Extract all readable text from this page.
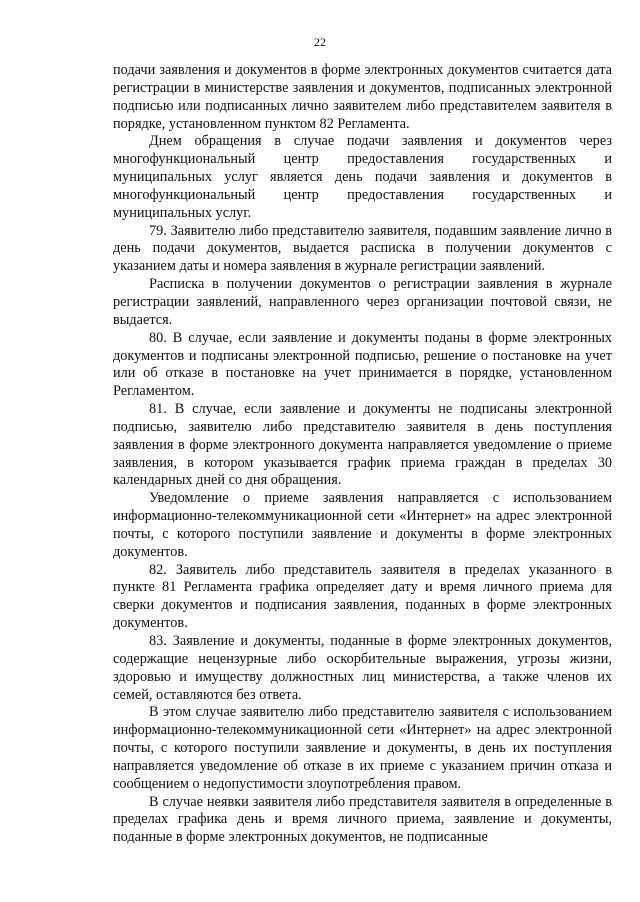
22

подачи заявления и документов в форме электронных документов считается дата регистрации в министерстве заявления и документов, подписанных электронной подписью или подписанных лично заявителем либо представителем заявителя в порядке, установленном пунктом 82 Регламента.

Днем обращения в случае подачи заявления и документов через многофункциональный центр предоставления государственных и муниципальных услуг является день подачи заявления и документов в многофункциональный центр предоставления государственных и муниципальных услуг.

79. Заявителю либо представителю заявителя, подавшим заявление лично в день подачи документов, выдается расписка в получении документов с указанием даты и номера заявления в журнале регистрации заявлений.

Расписка в получении документов о регистрации заявления в журнале регистрации заявлений, направленного через организации почтовой связи, не выдается.

80. В случае, если заявление и документы поданы в форме электронных документов и подписаны электронной подписью, решение о постановке на учет или об отказе в постановке на учет принимается в порядке, установленном Регламентом.

81. В случае, если заявление и документы не подписаны электронной подписью, заявителю либо представителю заявителя в день поступления заявления в форме электронного документа направляется уведомление о приеме заявления, в котором указывается график приема граждан в пределах 30 календарных дней со дня обращения.

Уведомление о приеме заявления направляется с использованием информационно-телекоммуникационной сети «Интернет» на адрес электронной почты, с которого поступили заявление и документы в форме электронных документов.

82. Заявитель либо представитель заявителя в пределах указанного в пункте 81 Регламента графика определяет дату и время личного приема для сверки документов и подписания заявления, поданных в форме электронных документов.

83. Заявление и документы, поданные в форме электронных документов, содержащие нецензурные либо оскорбительные выражения, угрозы жизни, здоровью и имуществу должностных лиц министерства, а также членов их семей, оставляются без ответа.

В этом случае заявителю либо представителю заявителя с использованием информационно-телекоммуникационной сети «Интернет» на адрес электронной почты, с которого поступили заявление и документы, в день их поступления направляется уведомление об отказе в их приеме с указанием причин отказа и сообщением о недопустимости злоупотребления правом.

В случае неявки заявителя либо представителя заявителя в определенные в пределах графика день и время личного приема, заявление и документы, поданные в форме электронных документов, не подписанные
